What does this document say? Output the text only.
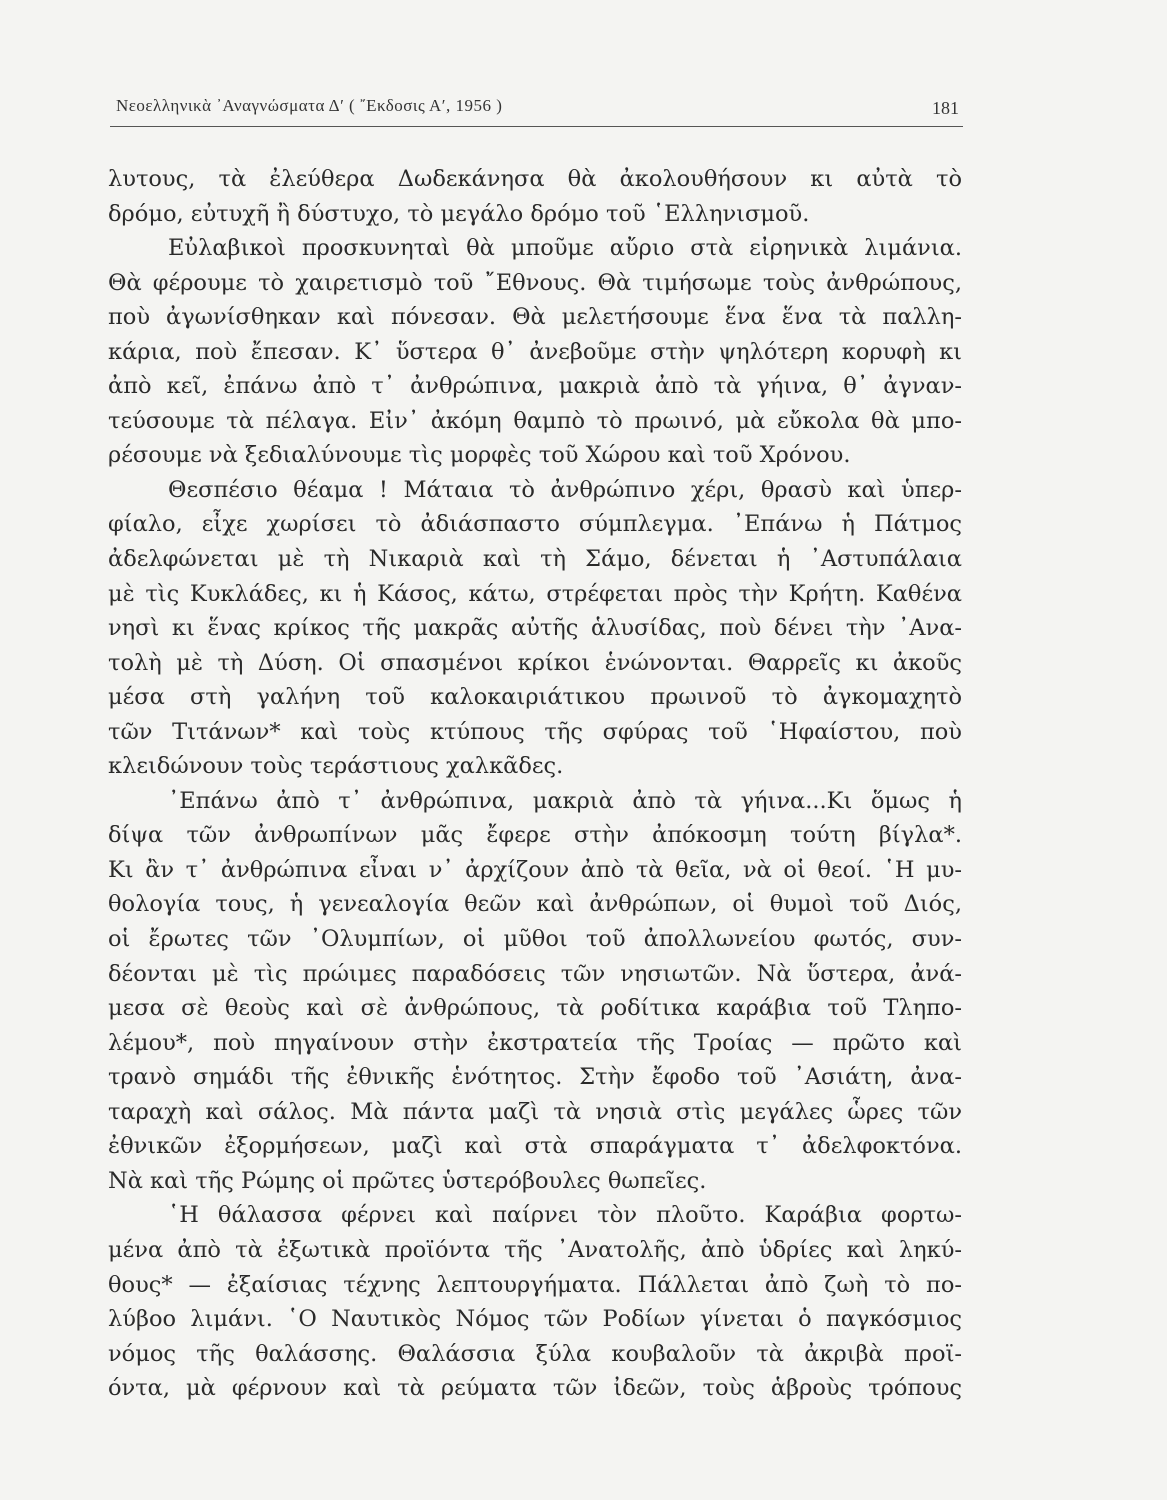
Νεοελληνικὰ ᾿Αναγνώσματα Δ′ ( ῎Εκδοσις Α′, 1956 )	181
λυτους, τὰ ἐλεύθερα Δωδεκάνησα θὰ ἀκολουθήσουν κι αὐτὰ τὸ
δρόμο, εὐτυχῆ ἢ δύστυχο, τὸ μεγάλο δρόμο τοῦ ῾Ελληνισμοῦ.
Εὐλαβικοὶ προσκυνηταὶ θὰ μποῦμε αὔριο στὰ εἰρηνικὰ λιμάνια.
Θὰ φέρουμε τὸ χαιρετισμὸ τοῦ ῎Εθνους. Θὰ τιμήσωμε τοὺς ἀνθρώπους,
ποὺ ἀγωνίσθηκαν καὶ πόνεσαν. Θὰ μελετήσουμε ἕνα ἕνα τὰ παλλη-
κάρια, ποὺ ἔπεσαν. Κ᾿ ὕστερα θ᾿ ἀνεβοῦμε στὴν ψηλότερη κορυφὴ κι
ἀπὸ κεῖ, ἐπάνω ἀπὸ τ᾿ ἀνθρώπινα, μακριὰ ἀπὸ τὰ γήινα, θ᾿ ἀγναν-
τεύσουμε τὰ πέλαγα. Εἰν᾿ ἀκόμη θαμπὸ τὸ πρωινό, μὰ εὔκολα θὰ μπο-
ρέσουμε νὰ ξεδιαλύνουμε τὶς μορφὲς τοῦ Χώρου καὶ τοῦ Χρόνου.
Θεσπέσιο θέαμα ! Μάταια τὸ ἀνθρώπινο χέρι, θρασὺ καὶ ὑπερ-
φίαλο, εἶχε χωρίσει τὸ ἀδιάσπαστο σύμπλεγμα. ᾿Επάνω ἡ Πάτμος
ἀδελφώνεται μὲ τὴ Νικαριὰ καὶ τὴ Σάμο, δένεται ἡ ᾿Αστυπάλαια
μὲ τὶς Κυκλάδες, κι ἡ Κάσος, κάτω, στρέφεται πρὸς τὴν Κρήτη. Καθένα
νησὶ κι ἕνας κρίκος τῆς μακρᾶς αὐτῆς ἁλυσίδας, ποὺ δένει τὴν ᾿Ανα-
τολὴ μὲ τὴ Δύση. Οἱ σπασμένοι κρίκοι ἑνώνονται. Θαρρεῖς κι ἀκοῦς
μέσα στὴ γαλήνη τοῦ καλοκαιριάτικου πρωινοῦ τὸ ἀγκομαχητὸ
τῶν Τιτάνων* καὶ τοὺς κτύπους τῆς σφύρας τοῦ ῾Ηφαίστου, ποὺ
κλειδώνουν τοὺς τεράστιους χαλκᾶδες.
᾿Επάνω ἀπὸ τ᾿ ἀνθρώπινα, μακριὰ ἀπὸ τὰ γήινα...Κι ὅμως ἡ
δίψα τῶν ἀνθρωπίνων μᾶς ἔφερε στὴν ἀπόκοσμη τούτη βίγλα*.
Κι ἂν τ᾿ ἀνθρώπινα εἶναι ν᾿ ἀρχίζουν ἀπὸ τὰ θεῖα, νὰ οἱ θεοί. ῾Η μυ-
θολογία τους, ἡ γενεαλογία θεῶν καὶ ἀνθρώπων, οἱ θυμοὶ τοῦ Διός,
οἱ ἔρωτες τῶν ᾿Ολυμπίων, οἱ μῦθοι τοῦ ἀπολλωνείου φωτός, συν-
δέονται μὲ τὶς πρώιμες παραδόσεις τῶν νησιωτῶν. Νὰ ὕστερα, ἀνά-
μεσα σὲ θεοὺς καὶ σὲ ἀνθρώπους, τὰ ροδίτικα καράβια τοῦ Τληπο-
λέμου*, ποὺ πηγαίνουν στὴν ἐκστρατεία τῆς Τροίας — πρῶτο καὶ
τρανὸ σημάδι τῆς ἐθνικῆς ἑνότητος. Στὴν ἔφοδο τοῦ ᾿Ασιάτη, ἀνα-
ταραχὴ καὶ σάλος. Μὰ πάντα μαζὶ τὰ νησιὰ στὶς μεγάλες ὧρες τῶν
ἐθνικῶν ἐξορμήσεων, μαζὶ καὶ στὰ σπαράγματα τ᾿ ἀδελφοκτόνα.
Νὰ καὶ τῆς Ρώμης οἱ πρῶτες ὑστερόβουλες θωπεῖες.
῾Η θάλασσα φέρνει καὶ παίρνει τὸν πλοῦτο. Καράβια φορτω-
μένα ἀπὸ τὰ ἐξωτικὰ προϊόντα τῆς ᾿Ανατολῆς, ἀπὸ ὑδρίες καὶ ληκύ-
θους* — ἐξαίσιας τέχνης λεπτουργήματα. Πάλλεται ἀπὸ ζωὴ τὸ πο-
λύβοο λιμάνι. ῾Ο Ναυτικὸς Νόμος τῶν Ροδίων γίνεται ὁ παγκόσμιος
νόμος τῆς θαλάσσης. Θαλάσσια ξύλα κουβαλοῦν τὰ ἀκριβὰ προϊ-
όντα, μὰ φέρνουν καὶ τὰ ρεύματα τῶν ἰδεῶν, τοὺς ἁβροὺς τρόπους
